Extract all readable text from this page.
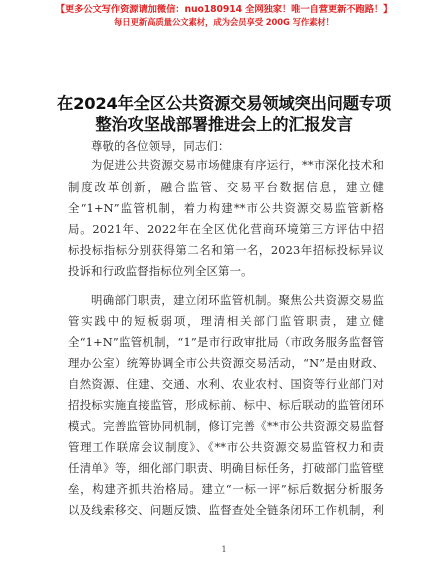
【更多公文写作资源请加微信：nuo180914 全网独家！唯一自营更新不跑路！】
每日更新高质量公文素材，成为会员享受 200G 写作素材！
在2024年全区公共资源交易领域突出问题专项
整治攻坚战部署推进会上的汇报发言
尊敬的各位领导，同志们：
为促进公共资源交易市场健康有序运行，**市深化技术和
制度改革创新，融合监管、交易平台数据信息，建立健
全“1+N”监管机制，着力构建**市公共资源交易监管新格
局。2021年、2022年在全区优化营商环境第三方评估中招
标投标指标分别获得第二名和第一名，2023年招标投标异议
投诉和行政监督指标位列全区第一。
明确部门职责，建立闭环监管机制。聚焦公共资源交易监
管实践中的短板弱项，理清相关部门监管职责，建立健
全“1+N”监管机制，“1”是市行政审批局（市政务服务监督管
理办公室）统筹协调全市公共资源交易活动，“N”是由财政、
自然资源、住建、交通、水利、农业农村、国资等行业部门对
招投标实施直接监管，形成标前、标中、标后联动的监管闭环
模式。完善监管协同机制，修订完善《**市公共资源交易监督
管理工作联席会议制度》、《**市公共资源交易监管权力和责
任清单》等，细化部门职责、明确目标任务，打破部门监管壁
垒，构建齐抓共治格局。建立“一标一评”标后数据分析服务
以及线索移交、问题反馈、监督查处全链条闭环工作机制，利
1
